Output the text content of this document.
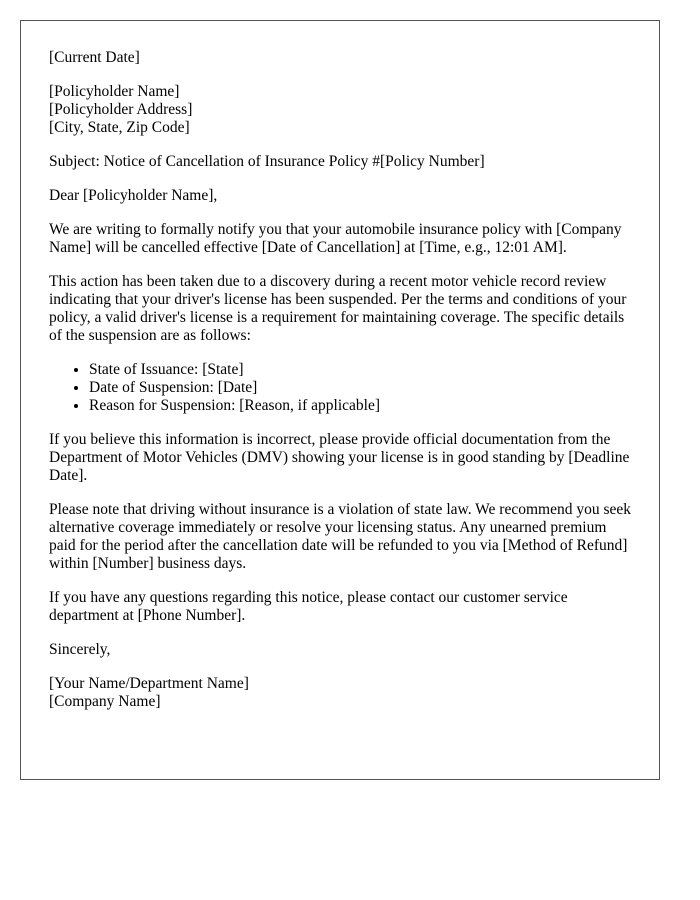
[Current Date]

[Policyholder Name]
[Policyholder Address]
[City, State, Zip Code]

Subject: Notice of Cancellation of Insurance Policy #[Policy Number]

Dear [Policyholder Name],

We are writing to formally notify you that your automobile insurance policy with [Company Name] will be cancelled effective [Date of Cancellation] at [Time, e.g., 12:01 AM].

This action has been taken due to a discovery during a recent motor vehicle record review indicating that your driver's license has been suspended. Per the terms and conditions of your policy, a valid driver's license is a requirement for maintaining coverage. The specific details of the suspension are as follows:

• State of Issuance: [State]
• Date of Suspension: [Date]
• Reason for Suspension: [Reason, if applicable]

If you believe this information is incorrect, please provide official documentation from the Department of Motor Vehicles (DMV) showing your license is in good standing by [Deadline Date].

Please note that driving without insurance is a violation of state law. We recommend you seek alternative coverage immediately or resolve your licensing status. Any unearned premium paid for the period after the cancellation date will be refunded to you via [Method of Refund] within [Number] business days.

If you have any questions regarding this notice, please contact our customer service department at [Phone Number].

Sincerely,

[Your Name/Department Name]
[Company Name]
